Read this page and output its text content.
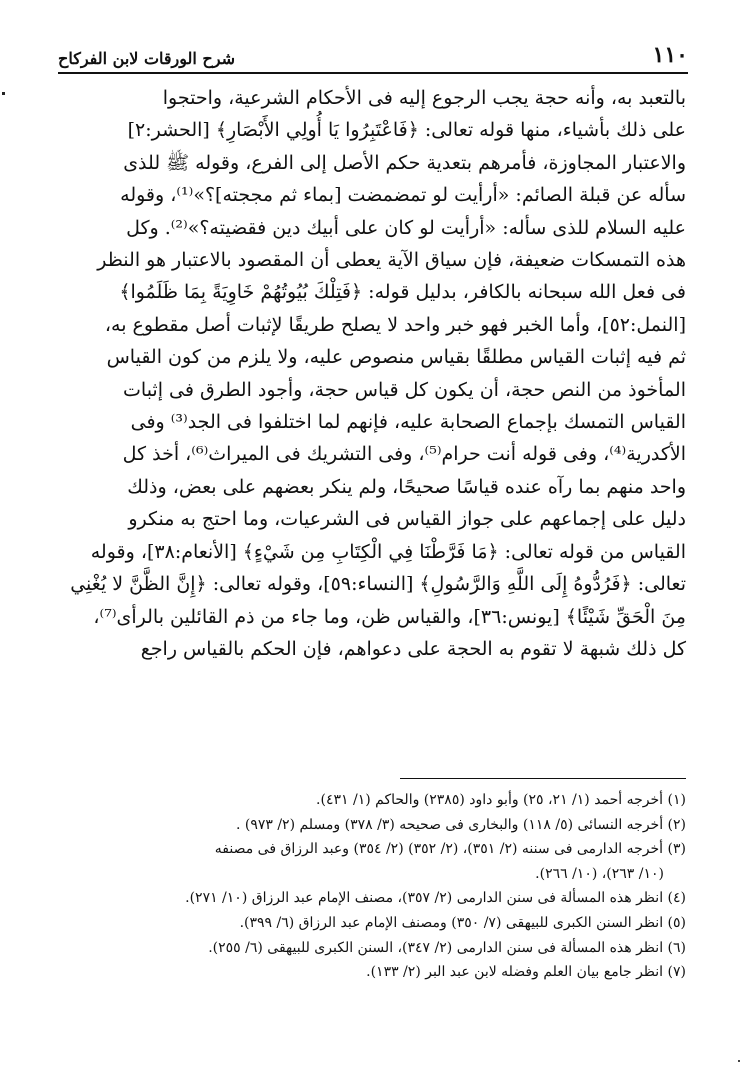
١١٠
شرح الورقات لابن الفركاح

بالتعبد به، وأنه حجة يجب الرجوع إليه فى الأحكام الشرعية، واحتجوا

على ذلك بأشياء، منها قوله تعالى: ﴿فَاعْتَبِرُوا يَا أُولِي الأَبْصَارِ﴾ [الحشر:٢]

والاعتبار المجاوزة، فأمرهم بتعدية حكم الأصل إلى الفرع، وقوله ﷺ للذى

سأله عن قبلة الصائم: «أرأيت لو تمضمضت [بماء ثم مججته]؟»⁽¹⁾، وقوله

عليه السلام للذى سأله: «أرأيت لو كان على أبيك دين فقضيته؟»⁽²⁾. وكل

هذه التمسكات ضعيفة، فإن سياق الآية يعطى أن المقصود بالاعتبار هو النظر

فى فعل الله سبحانه بالكافر، بدليل قوله: ﴿فَتِلْكَ بُيُوتُهُمْ خَاوِيَةً بِمَا ظَلَمُوا﴾

[النمل:٥٢]، وأما الخبر فهو خبر واحد لا يصلح طريقًا لإثبات أصل مقطوع به،

ثم فيه إثبات القياس مطلقًا بقياس منصوص عليه، ولا يلزم من كون القياس

المأخوذ من النص حجة، أن يكون كل قياس حجة، وأجود الطرق فى إثبات

القياس التمسك بإجماع الصحابة عليه، فإنهم لما اختلفوا فى الجد⁽³⁾ وفى

الأكدرية⁽⁴⁾، وفى قوله أنت حرام⁽⁵⁾، وفى التشريك فى الميراث⁽⁶⁾، أخذ كل

واحد منهم بما رآه عنده قياسًا صحيحًا، ولم ينكر بعضهم على بعض، وذلك

دليل على إجماعهم على جواز القياس فى الشرعيات، وما احتج به منكرو

القياس من قوله تعالى: ﴿مَا فَرَّطْنَا فِي الْكِتَابِ مِن شَيْءٍ﴾ [الأنعام:٣٨]، وقوله

تعالى: ﴿فَرُدُّوهُ إِلَى اللَّهِ وَالرَّسُولِ﴾ [النساء:٥٩]، وقوله تعالى: ﴿إِنَّ الظَّنَّ لا يُغْنِي

مِنَ الْحَقِّ شَيْئًا﴾ [يونس:٣٦]، والقياس ظن، وما جاء من ذم القائلين بالرأى⁽⁷⁾،

كل ذلك شبهة لا تقوم به الحجة على دعواهم، فإن الحكم بالقياس راجع

(١) أخرجه أحمد (١/ ٢١، ٢٥) وأبو داود (٢٣٨٥) والحاكم (١/ ٤٣١).
(٢) أخرجه النسائى (٥/ ١١٨) والبخارى فى صحيحه (٣/ ٣٧٨) ومسلم (٢/ ٩٧٣) .
(٣) أخرجه الدارمى فى سننه (٢/ ٣٥١)، (٢/ ٣٥٢) (٢/ ٣٥٤) وعبد الرزاق فى مصنفه
(١٠/ ٢٦٣)، (١٠/ ٢٦٦).
(٤) انظر هذه المسألة فى سنن الدارمى (٢/ ٣٥٧)، مصنف الإمام عبد الرزاق (١٠/ ٢٧١).
(٥) انظر السنن الكبرى للبيهقى (٧/ ٣٥٠) ومصنف الإمام عبد الرزاق (٦/ ٣٩٩).
(٦) انظر هذه المسألة فى سنن الدارمى (٢/ ٣٤٧)، السنن الكبرى للبيهقى (٦/ ٢٥٥).
(٧) انظر جامع بيان العلم وفضله لابن عبد البر (٢/ ١٣٣).
